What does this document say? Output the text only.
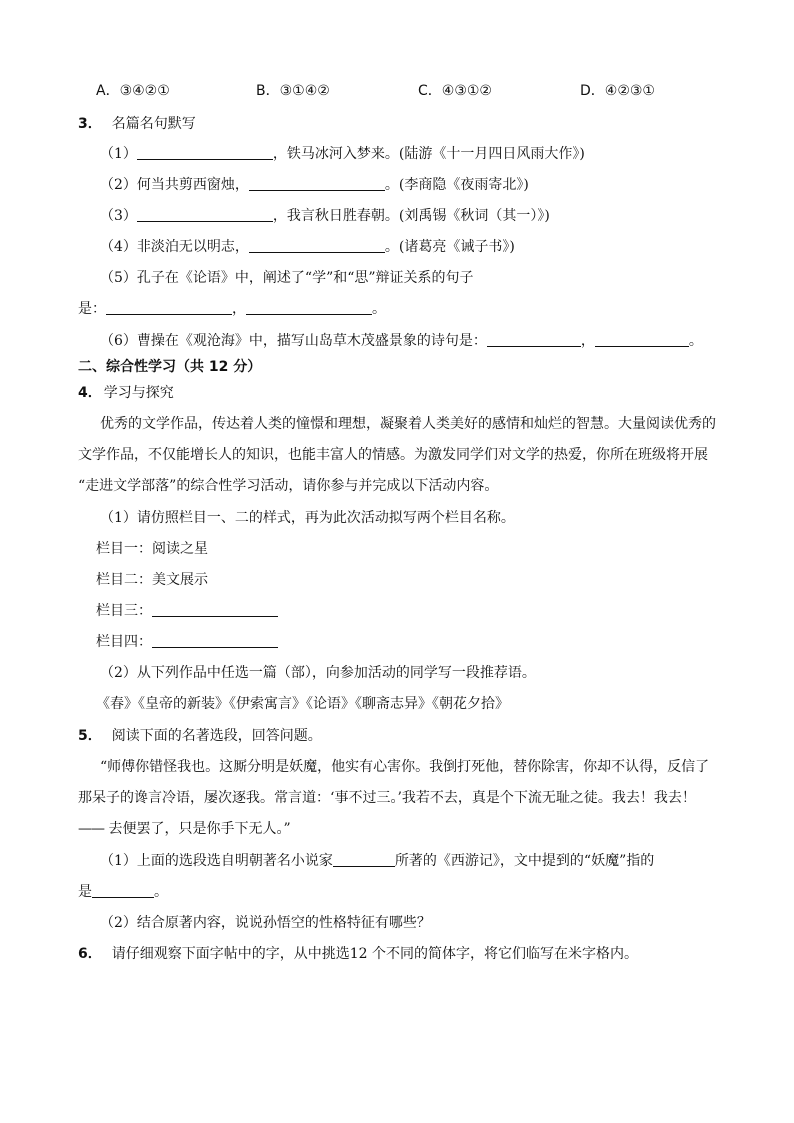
A．③④②①	B．③①④②	C．④③①②	D．④②③①
3． 名篇名句默写
（1）	，铁马冰河入梦来。(陆游《十一月四日风雨大作》)
（2）何当共剪西窗烛，	。(李商隐《夜雨寄北》)
（3）	，我言秋日胜春朝。(刘禹锡《秋词（其一）》)
（4）非淡泊无以明志，	。(诸葛亮《诫子书》)
（5）孔子在《论语》中，阐述了“学”和“思”辩证关系的句子
是：	，	。
（6）曹操在《观沧海》中，描写山岛草木茂盛景象的诗句是：	，	。
二、综合性学习（共 12 分）
4． 学习与探究
优秀的文学作品，传达着人类的憧憬和理想，凝聚着人类美好的感情和灿烂的智慧。大量阅读优秀的
文学作品，不仅能增长人的知识，也能丰富人的情感。为激发同学们对文学的热爱，你所在班级将开展
“走进文学部落”的综合性学习活动，请你参与并完成以下活动内容。
（1）请仿照栏目一、二的样式，再为此次活动拟写两个栏目名称。
栏目一：阅读之星
栏目二：美文展示
栏目三：
栏目四：
（2）从下列作品中任选一篇（部），向参加活动的同学写一段推荐语。
《春》《皇帝的新装》《伊索寓言》《论语》《聊斋志异》《朝花夕拾》
5． 阅读下面的名著选段，回答问题。
“师傅你错怪我也。这厮分明是妖魔，他实有心害你。我倒打死他，替你除害，你却不认得，反信了
那呆子的谗言冷语，屡次逐我。常言道：‘事不过三。’我若不去，真是个下流无耻之徒。我去！我去！
—— 去便罢了，只是你手下无人。”
（1）上面的选段选自明朝著名小说家	所著的《西游记》，文中提到的“妖魔”指的
是	。
（2）结合原著内容，说说孙悟空的性格特征有哪些？
6． 请仔细观察下面字帖中的字，从中挑选12 个不同的简体字，将它们临写在米字格内。
